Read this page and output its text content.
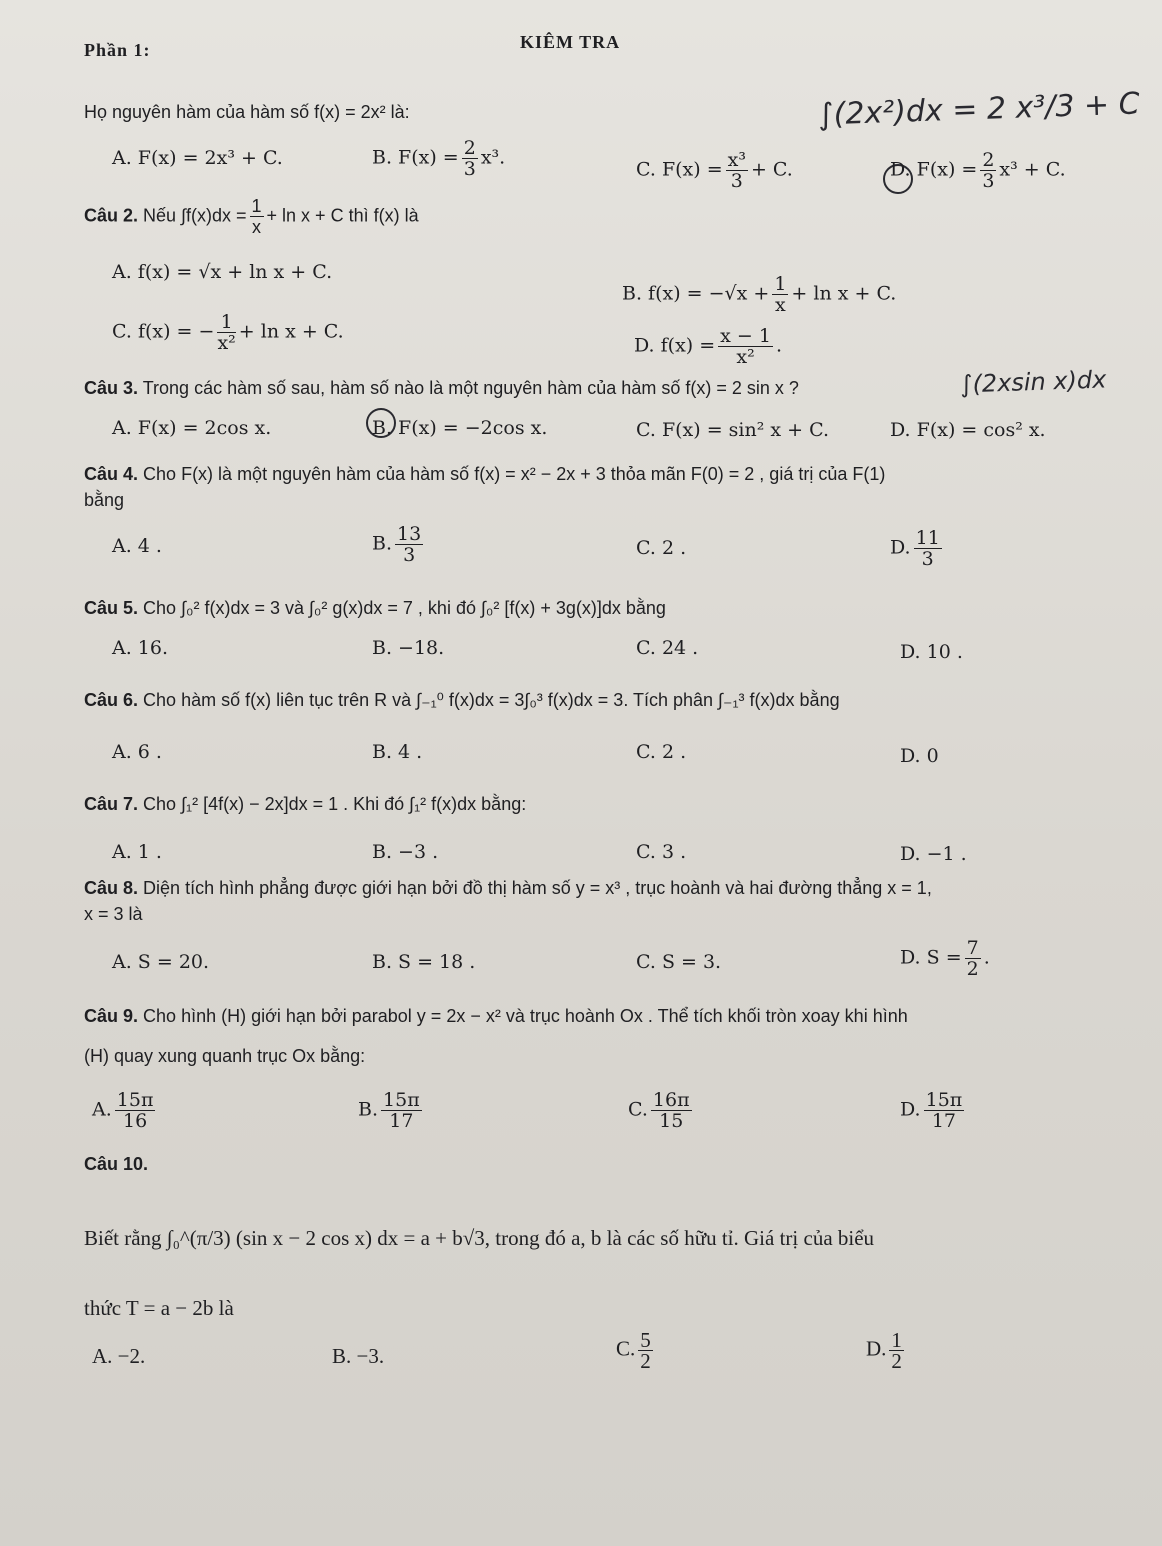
Phần 1:	KIÊM TRA
Họ nguyên hàm của hàm số f(x) = 2x² là:	∫(2x²)dx = 2 x³/3 + C
A. F(x) = 2x³ + C.	B. $F(x) = \frac{2}{3} x^3$.
C. $F(x) = \frac{\text{x³}}{3} + C$.	D. $F(x) = \frac{2}{3} x^3 + C$.
Câu 2. Nếu $\int f(x)dx = \frac{1}{x} + \ln x + C$ thì f(x) là
A. f(x) = √x + ln x + C.
B. $f(x) = -√x + \frac{1}{x} + \ln x + C$.
C. f(x) = − $\frac{1}{\text{x²}} + \ln x + C$.
D. $f(x) = \frac{x - 1}{\text{x²}}$ .
Câu 3. Trong các hàm số sau, hàm số nào là một nguyên hàm của hàm số f(x) = 2 sin x ?	∫(2xsin x)dx
A. F(x) = 2cos x.	B. F(x) = −2cos x.	C. F(x) = sin² x + C.	D. F(x) = cos² x.
Câu 4. Cho F(x) là một nguyên hàm của hàm số f(x) = x² − 2x + 3 thỏa mãn F(0) = 2 , giá trị của F(1)
bằng
A. 4 .	B. $\frac{13}{3}$	C. 2 .	D. $\frac{11}{3}$
Câu 5. Cho ∫₀² f(x)dx = 3 và ∫₀² g(x)dx = 7 , khi đó ∫₀² [f(x) + 3g(x)]dx bằng
A. 16.	B. −18.	C. 24 .	D. 10 .
Câu 6. Cho hàm số f(x) liên tục trên R và ∫₋₁⁰ f(x)dx = 3∫₀³ f(x)dx = 3. Tích phân ∫₋₁³ f(x)dx bằng
A. 6 .	B. 4 .	C. 2 .	D. 0
Câu 7. Cho ∫₁² [4f(x) − 2x]dx = 1 . Khi đó ∫₁² f(x)dx bằng:
A. 1 .	B. −3 .	C. 3 .	D. −1 .
Câu 8. Diện tích hình phẳng được giới hạn bởi đồ thị hàm số y = x³ , trục hoành và hai đường thẳng x = 1,
x = 3 là
A. S = 20.	B. S = 18 .	C. S = 3.	D. $S = \frac{7}{2}$ .
Câu 9. Cho hình (H) giới hạn bởi parabol y = 2x − x² và trục hoành Ox . Thể tích khối tròn xoay khi hình
(H) quay xung quanh trục Ox bằng:
A. $\frac{15\pi}{16}$	B. $\frac{15\pi}{17}$	C. $\frac{16\pi}{15}$	D. $\frac{15\pi}{17}$
Câu 10.
Biết rằng ∫₀^(π/3) (sin x − 2 cos x) dx = a + b√3, trong đó a, b là các số hữu tỉ. Giá trị của biểu
thức T = a − 2b là
A. −2.	B. −3.	C. $\frac{5}{2}$	D. $\frac{1}{2}$
